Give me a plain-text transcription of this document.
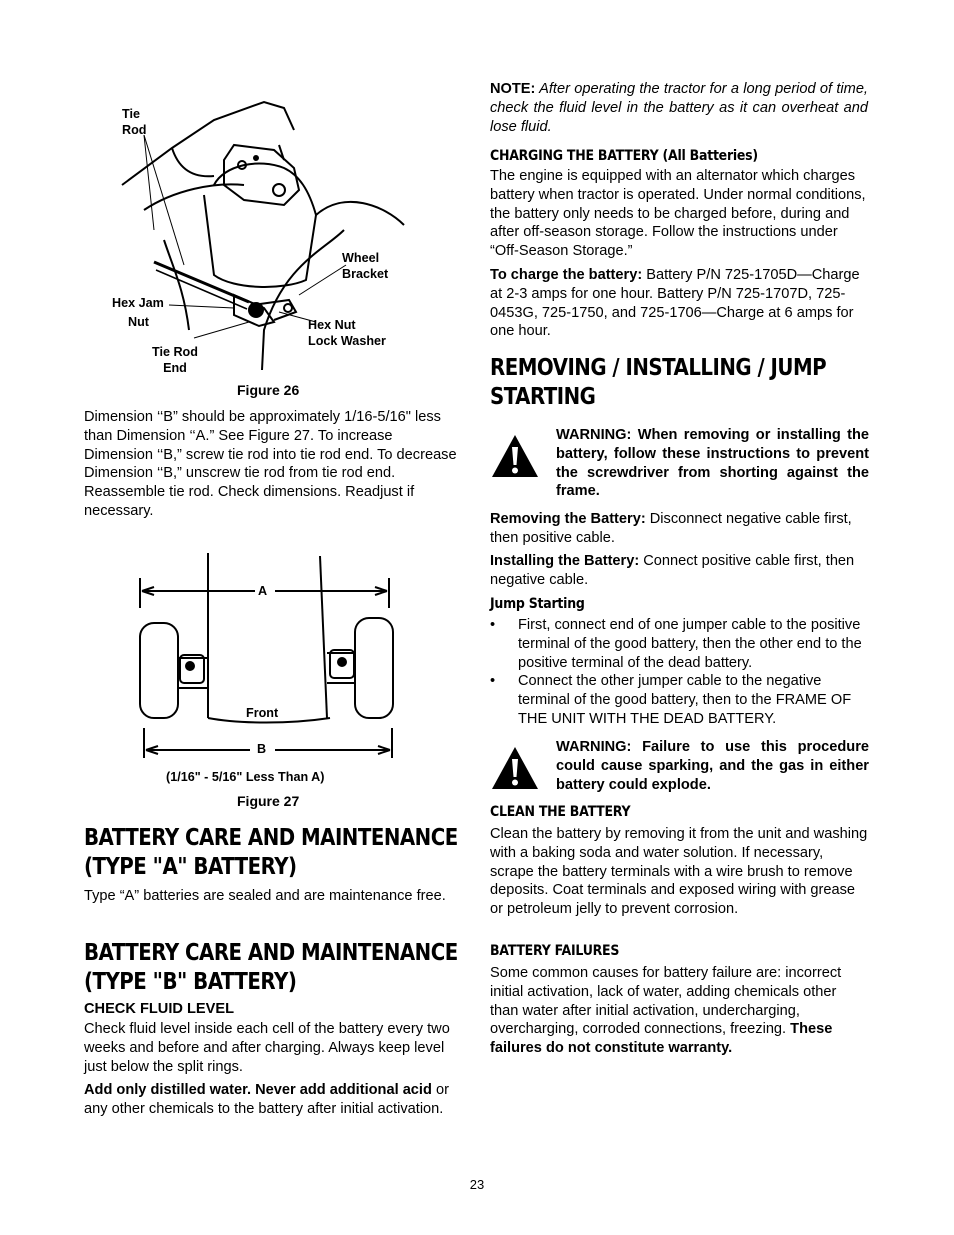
Tie
Rod
Wheel
Bracket
Hex Jam
Nut	Hex Nut
Lock Washer
Tie Rod
End
Figure 26

Dimension ‘‘B” should be approximately 1/16-5/16" less than Dimension ‘‘A.” See Figure 27. To increase Dimension ‘‘B,” screw tie rod into tie rod end. To decrease Dimension ‘‘B,” unscrew tie rod from tie rod end. Reassemble tie rod. Check dimensions. Readjust if necessary.

A
Front
B
(1/16" - 5/16" Less Than A)
Figure 27
BATTERY CARE AND MAINTENANCE (TYPE "A" BATTERY)

Type “A” batteries are sealed and are maintenance free.

BATTERY CARE AND MAINTENANCE (TYPE "B" BATTERY)
CHECK FLUID LEVEL

Check fluid level inside each cell of the battery every two weeks and before and after charging. Always keep level just below the split rings.

Add only distilled water. Never add additional acid or any other chemicals to the battery after initial activation.

NOTE: After operating the tractor for a long period of time, check the fluid level in the battery as it can overheat and lose fluid.

CHARGING THE BATTERY (All Batteries)

The engine is equipped with an alternator which charges battery when tractor is operated. Under normal conditions, the battery only needs to be charged before, during and after off-season storage. Follow the instructions under “Off-Season Storage.”

To charge the battery: Battery P/N 725-1705D—Charge at 2-3 amps for one hour. Battery P/N 725-1707D, 725-0453G, 725-1750, and 725-1706—Charge at 6 amps for one hour.

REMOVING / INSTALLING / JUMP STARTING
WARNING: When removing or installing the battery, follow these instructions to prevent the screwdriver from shorting against the frame.

Removing the Battery: Disconnect negative cable first, then positive cable.

Installing the Battery: Connect positive cable first, then negative cable.

Jump Starting
• First, connect end of one jumper cable to the positive terminal of the good battery, then the other end to the positive terminal of the dead battery.
• Connect the other jumper cable to the negative terminal of the good battery, then to the FRAME OF THE UNIT WITH THE DEAD BATTERY.
WARNING: Failure to use this procedure could cause sparking, and the gas in either battery could explode.
CLEAN THE BATTERY

Clean the battery by removing it from the unit and washing with a baking soda and water solution. If necessary, scrape the battery terminals with a wire brush to remove deposits. Coat terminals and exposed wiring with grease or petroleum jelly to prevent corrosion.

BATTERY FAILURES

Some common causes for battery failure are: incorrect initial activation, lack of water, adding chemicals other than water after initial activation, undercharging, overcharging, corroded connections, freezing. These failures do not constitute warranty.

23
